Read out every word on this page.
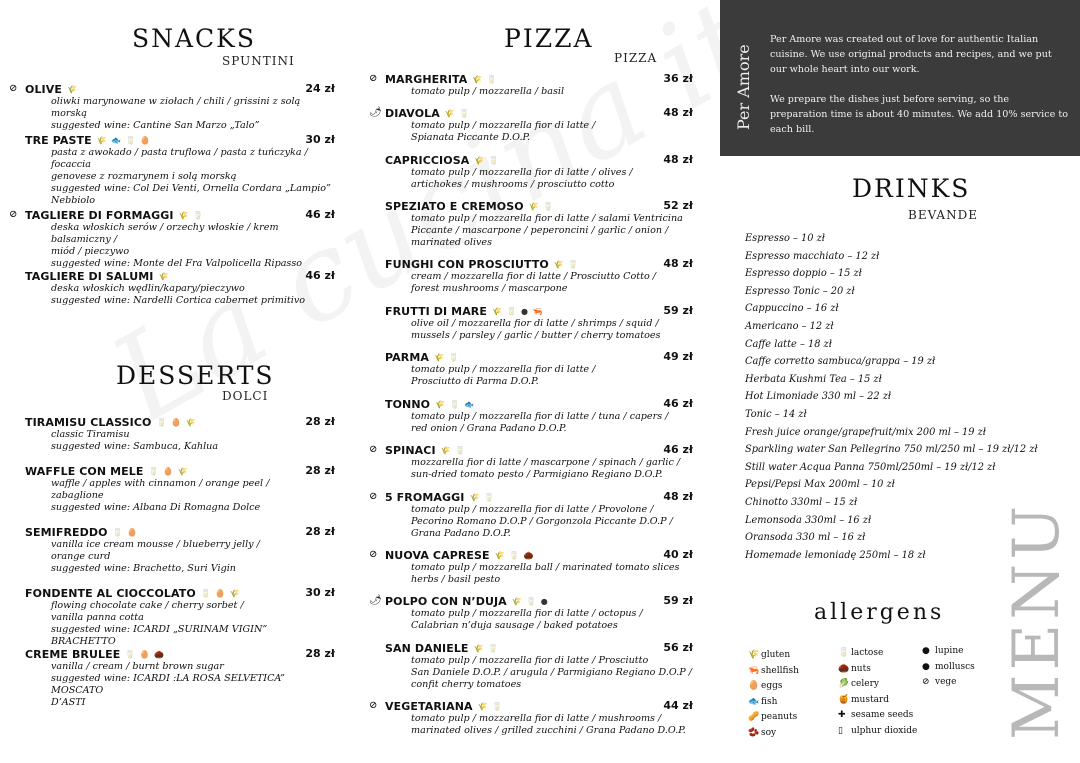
SNACKS
SPUNTINI
⊘ OLIVE 🌾	24 zł
oliwki marynowane w ziołach / chili / grissini z solą morską
suggested wine: Cantine San Marzo „Talo”
TRE PASTE 🌾 🐟 🥛 🥚	30 zł
pasta z awokado / pasta truflowa / pasta z tuńczyka / focaccia
genovese z rozmarynem i solą morską
suggested wine: Col Dei Venti, Ornella Cordara „Lampio”
Nebbiolo
⊘ TAGLIERE DI FORMAGGI 🌾 🥛	46 zł
deska włoskich serów / orzechy włoskie / krem balsamiczny /
miód / pieczywo
suggested wine: Monte del Fra Valpolicella Ripasso
TAGLIERE DI SALUMI 🌾	46 zł
deska włoskich wędlin/kapary/pieczywo
suggested wine: Nardelli Cortica cabernet primitivo
DESSERTS
DOLCI
TIRAMISU CLASSICO 🥛 🥚 🌾	28 zł
classic Tiramisu
suggested wine: Sambuca, Kahlua
WAFFLE CON MELE 🥛 🥚 🌾	28 zł
waffle / apples with cinnamon / orange peel /
zabaglione
suggested wine: Albana Di Romagna Dolce
SEMIFREDDO 🥛 🥚	28 zł
vanilla ice cream mousse / blueberry jelly /
orange curd
suggested wine: Brachetto, Suri Vigin
FONDENTE AL CIOCCOLATO 🥛 🥚 🌾	30 zł
flowing chocolate cake / cherry sorbet /
vanilla panna cotta
suggested wine: ICARDI „SURINAM VIGIN” BRACHETTO
CREME BRULEE 🥛 🥚 🌰	28 zł
vanilla / cream / burnt brown sugar
suggested wine: ICARDI :LA ROSA SELVETICA” MOSCATO
D’ASTI
PIZZA
PIZZA
⊘ MARGHERITA 🌾 🥛	36 zł
tomato pulp / mozzarella / basil
🌶 DIAVOLA 🌾 🥛	48 zł
tomato pulp / mozzarella fior di latte /
Spianata Piccante D.O.P.
CAPRICCIOSA 🌾 🥛	48 zł
tomato pulp / mozzarella fior di latte / olives /
artichokes / mushrooms / prosciutto cotto
SPEZIATO E CREMOSO 🌾 🥛	52 zł
tomato pulp / mozzarella fior di latte / salami Ventricina
Piccante / mascarpone / peperoncini / garlic / onion /
marinated olives
FUNGHI CON PROSCIUTTO 🌾 🥛	48 zł
cream / mozzarella fior di latte / Prosciutto Cotto /
forest mushrooms / mascarpone
FRUTTI DI MARE 🌾 🥛 ● 🦐	59 zł
olive oil / mozzarella fior di latte / shrimps / squid /
mussels / parsley / garlic / butter / cherry tomatoes
PARMA 🌾 🥛	49 zł
tomato pulp / mozzarella fior di latte /
Prosciutto di Parma D.O.P.
TONNO 🌾 🥛 🐟	46 zł
tomato pulp / mozzarella fior di latte / tuna / capers /
red onion / Grana Padano D.O.P.
⊘ SPINACI 🌾 🥛	46 zł
mozzarella fior di latte / mascarpone / spinach / garlic /
sun-dried tomato pesto / Parmigiano Regiano D.O.P.
⊘ 5 FROMAGGI 🌾 🥛	48 zł
tomato pulp / mozzarella fior di latte / Provolone /
Pecorino Romano D.O.P / Gorgonzola Piccante D.O.P /
Grana Padano D.O.P.
⊘ NUOVA CAPRESE 🌾 🥛 🌰	40 zł
tomato pulp / mozzarella ball / marinated tomato slices
herbs / basil pesto
🌶 POLPO CON N’DUJA 🌾 🥛 ●	59 zł
tomato pulp / mozzarella fior di latte / octopus /
Calabrian n’duja sausage / baked potatoes
SAN DANIELE 🌾 🥛	56 zł
tomato pulp / mozzarella fior di latte / Prosciutto
San Daniele D.O.P. / arugula / Parmigiano Regiano D.O.P /
confit cherry tomatoes
⊘ VEGETARIANA 🌾 🥛	44 zł
tomato pulp / mozzarella fior di latte / mushrooms /
marinated olives / grilled zucchini / Grana Padano D.O.P.
Per Amore

Per Amore was created out of love for authentic Italian cuisine. We use original products and recipes, and we put our whole heart into our work.

We prepare the dishes just before serving, so the preparation time is about 40 minutes. We add 10% service to each bill.

DRINKS
BEVANDE
Espresso – 10 zł
Espresso macchiato – 12 zł
Espresso doppio – 15 zł
Espresso Tonic – 20 zł
Cappuccino – 16 zł
Americano – 12 zł
Caffe latte – 18 zł
Caffe corretto sambuca/grappa – 19 zł
Herbata Kushmi Tea – 15 zł
Hot Limoniade 330 ml – 22 zł
Tonic – 14 zł
Fresh juice orange/grapefruit/mix 200 ml – 19 zł
Sparkling water San Pellegrino 750 ml/250 ml – 19 zł/12 zł
Still water Acqua Panna 750ml/250ml – 19 zł/12 zł
Pepsi/Pepsi Max 200ml – 10 zł
Chinotto 330ml – 15 zł
Lemonsoda 330ml – 16 zł
Oransoda 330 ml – 16 zł
Homemade lemoniadę 250ml – 18 zł
allergens
🌾 gluten
🦐 shellfish
🥚 eggs
🐟 fish
🥜 peanuts
🫘 soy
🥛 lactose
🌰 nuts
🥬 celery
🍯 mustard
✚ sesame seeds
▯ ulphur dioxide
● lupine
● molluscs
⊘ vege MENU
